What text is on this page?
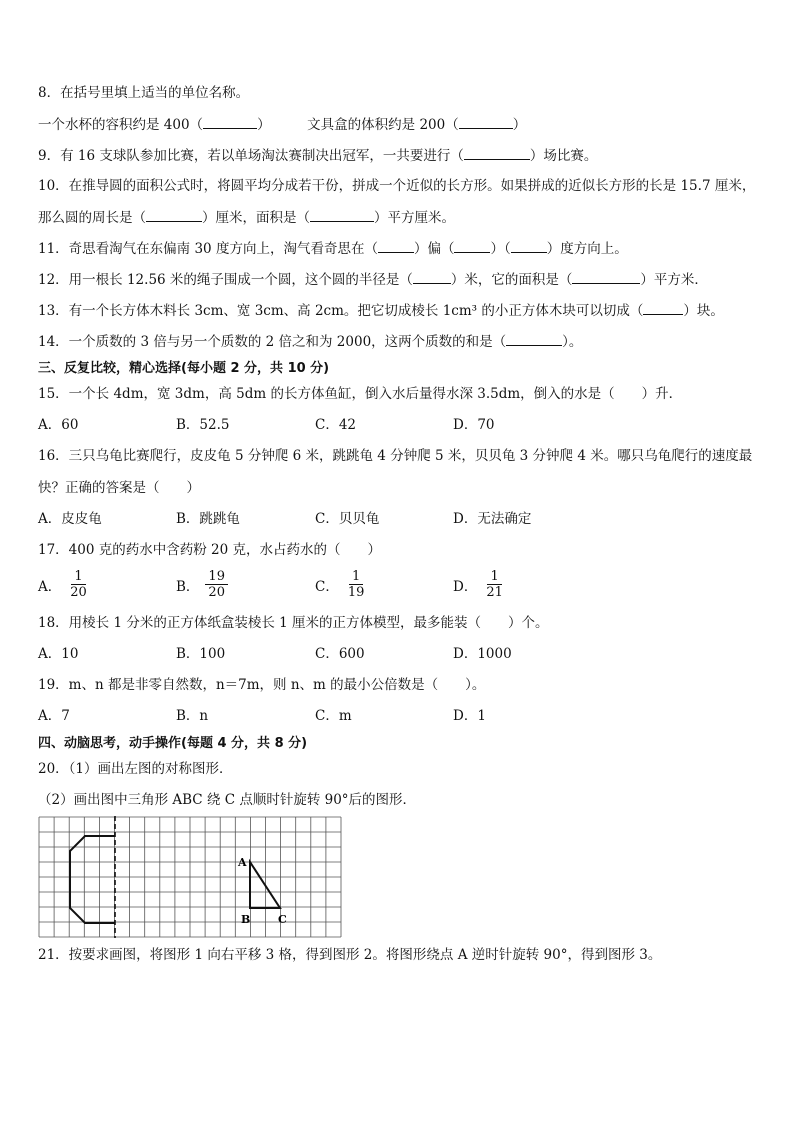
8．在括号里填上适当的单位名称。
一个水杯的容积约是 400（	）	文具盒的体积约是 200（	）
9．有 16 支球队参加比赛，若以单场淘汰赛制决出冠军，一共要进行（	）场比赛。
10．在推导圆的面积公式时，将圆平均分成若干份，拼成一个近似的长方形。如果拼成的近似长方形的长是 15.7 厘米，
那么圆的周长是（	）厘米，面积是（	）平方厘米。
11．奇思看淘气在东偏南 30 度方向上，淘气看奇思在（	）偏（	）（	）度方向上。
12．用一根长 12.56 米的绳子围成一个圆，这个圆的半径是（	）米，它的面积是（	）平方米．
13．有一个长方体木料长 3cm、宽 3cm、高 2cm。把它切成棱长 1cm³ 的小正方体木块可以切成（	）块。
14．一个质数的 3 倍与另一个质数的 2 倍之和为 2000，这两个质数的和是（	）。
三、反复比较，精心选择(每小题 2 分，共 10 分)
15．一个长 4dm，宽 3dm，高 5dm 的长方体鱼缸，倒入水后量得水深 3.5dm，倒入的水是（　　）升．
A．60	B．52.5	C．42	D．70
16．三只乌龟比赛爬行，皮皮龟 5 分钟爬 6 米，跳跳龟 4 分钟爬 5 米，贝贝龟 3 分钟爬 4 米。哪只乌龟爬行的速度最
快？正确的答案是（　　）
A．皮皮龟	B．跳跳龟	C．贝贝龟	D．无法确定
17．400 克的药水中含药粉 20 克，水占药水的（　　）
A． $\frac{1}{20}$	B． $\frac{19}{20}$	C． $\frac{1}{19}$	D． $\frac{1}{21}$
18．用棱长 1 分米的正方体纸盒装棱长 1 厘米的正方体模型，最多能装（　　）个。
A．10	B．100	C．600	D．1000
19．m、n 都是非零自然数，n＝7m，则 n、m 的最小公倍数是（　　）。
A．7	B．n	C．m	D．1
四、动脑思考，动手操作(每题 4 分，共 8 分)
20．（1）画出左图的对称图形．
（2）画出图中三角形 ABC 绕 C 点顺时针旋转 90°后的图形．
A
B	C
21．按要求画图，将图形 1 向右平移 3 格，得到图形 2。将图形绕点 A 逆时针旋转 90°，得到图形 3。
